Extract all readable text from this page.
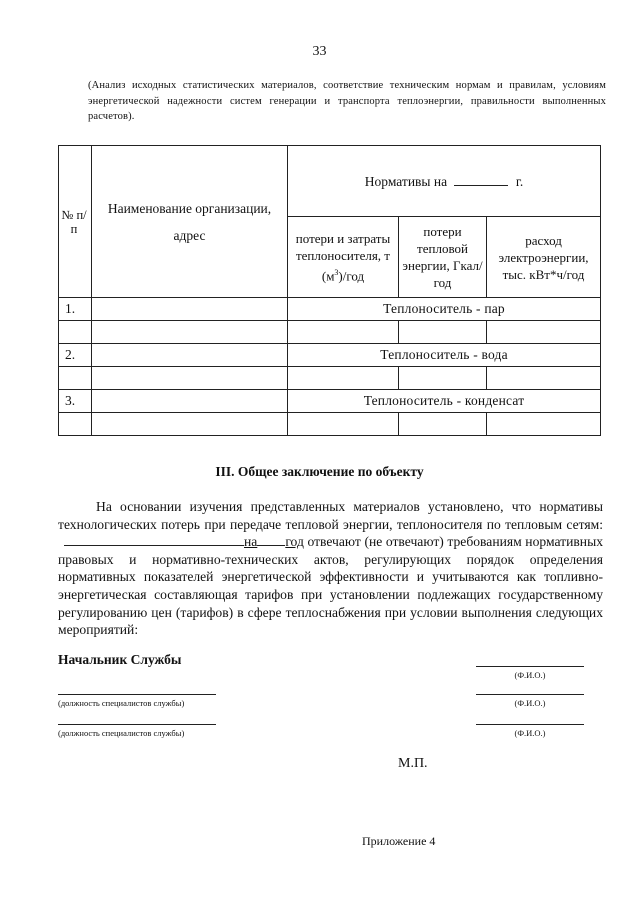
33
(Анализ исходных статистических материалов, соответствие техническим нормам и правилам, условиям энергетической надежности систем генерации и транспорта теплоэнергии, правильности выполненных расчетов).
№ п/п	Наименование организации, адрес	Нормативы на г.		
		потери и затраты теплоносителя, т $(м^3)$/год	потери тепловой энергии, Гкал/год	расход электроэнергии, тыс. кВт*ч/год
1.		Теплоноситель - пар		

2.		Теплоноситель - вода		

3.		Теплоноситель - конденсат		

III. Общее заключение по объекту

На основании изучения представленных материалов установлено, что нормативы технологических потерь при передаче тепловой энергии, теплоносителя по тепловым сетям: на год отвечают (не отвечают) требованиям нормативных правовых и нормативно-технических актов, регулирующих порядок определения нормативных показателей энергетической эффективности и учитываются как топливно-энергетическая составляющая тарифов при установлении подлежащих государственному регулированию цен (тарифов) в сфере теплоснабжения при условии выполнения следующих мероприятий:

Начальник Службы
(Ф.И.О.)
(должность специалистов службы)	(Ф.И.О.)
(должность специалистов службы)	(Ф.И.О.)
М.П.
Приложение 4
